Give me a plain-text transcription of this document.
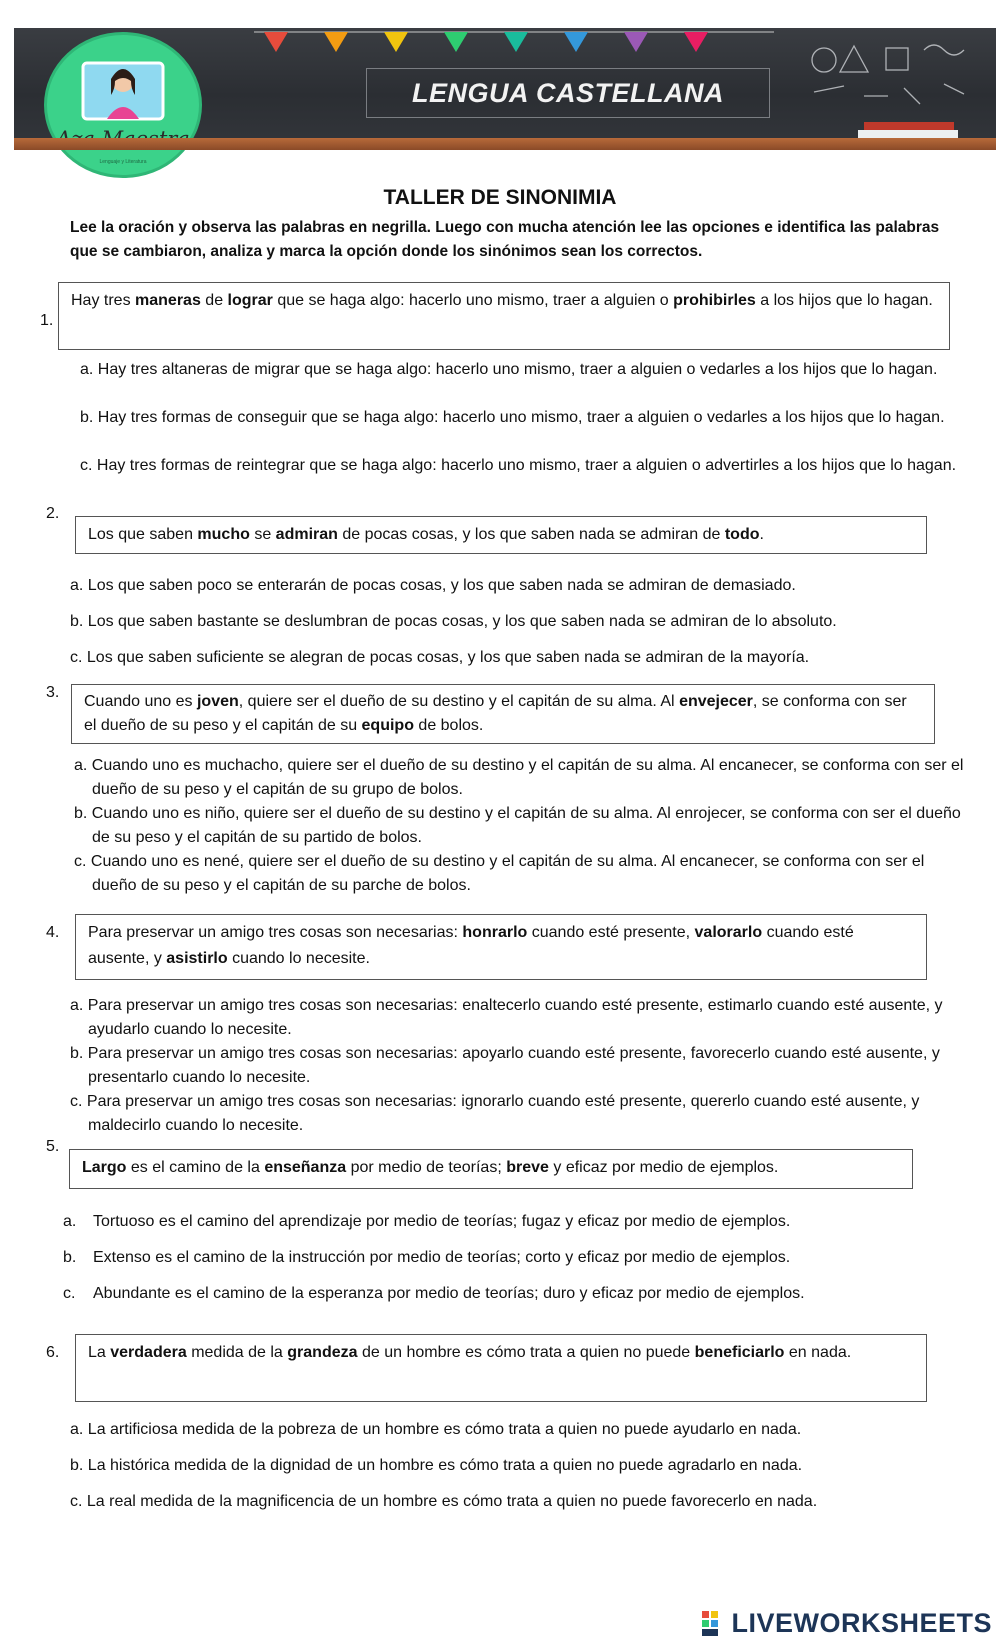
Lenguaje y Literatura
LENGUA CASTELLANA
TALLER DE SINONIMIA
Lee la oración y observa las palabras en negrilla. Luego con mucha atención lee las opciones e identifica las palabras que se cambiaron, analiza y marca la opción donde los sinónimos sean los correctos.
1.
Hay tres maneras de lograr que se haga algo: hacerlo uno mismo, traer a alguien o prohibirles a los hijos que lo hagan.
a. Hay tres altaneras de migrar que se haga algo: hacerlo uno mismo, traer a alguien o vedarles a los hijos que lo hagan.
b. Hay tres formas de conseguir que se haga algo: hacerlo uno mismo, traer a alguien o vedarles a los hijos que lo hagan.
c. Hay tres formas de reintegrar que se haga algo: hacerlo uno mismo, traer a alguien o advertirles a los hijos que lo hagan.
2.
Los que saben mucho se admiran de pocas cosas, y los que saben nada se admiran de todo.
a. Los que saben poco se enterarán de pocas cosas, y los que saben nada se admiran de demasiado.
b. Los que saben bastante se deslumbran de pocas cosas, y los que saben nada se admiran de lo absoluto.
c. Los que saben suficiente se alegran de pocas cosas, y los que saben nada se admiran de la mayoría.
3.
Cuando uno es joven, quiere ser el dueño de su destino y el capitán de su alma. Al envejecer, se conforma con ser el dueño de su peso y el capitán de su equipo de bolos.
a. Cuando uno es muchacho, quiere ser el dueño de su destino y el capitán de su alma. Al encanecer, se conforma con ser el dueño de su peso y el capitán de su grupo de bolos.
b. Cuando uno es niño, quiere ser el dueño de su destino y el capitán de su alma. Al enrojecer, se conforma con ser el dueño de su peso y el capitán de su partido de bolos.
c. Cuando uno es nené, quiere ser el dueño de su destino y el capitán de su alma. Al encanecer, se conforma con ser el dueño de su peso y el capitán de su parche de bolos.
4.	Para preservar un amigo tres cosas son necesarias: honrarlo cuando esté presente, valorarlo cuando esté ausente, y asistirlo cuando lo necesite.
a. Para preservar un amigo tres cosas son necesarias: enaltecerlo cuando esté presente, estimarlo cuando esté ausente, y ayudarlo cuando lo necesite.
b. Para preservar un amigo tres cosas son necesarias: apoyarlo cuando esté presente, favorecerlo cuando esté ausente, y presentarlo cuando lo necesite.
c. Para preservar un amigo tres cosas son necesarias: ignorarlo cuando esté presente, quererlo cuando esté ausente, y maldecirlo cuando lo necesite.
5.
Largo es el camino de la enseñanza por medio de teorías; breve y eficaz por medio de ejemplos.
a. Tortuoso es el camino del aprendizaje por medio de teorías; fugaz y eficaz por medio de ejemplos.
b. Extenso es el camino de la instrucción por medio de teorías; corto y eficaz por medio de ejemplos.
c. Abundante es el camino de la esperanza por medio de teorías; duro y eficaz por medio de ejemplos.
6.	La verdadera medida de la grandeza de un hombre es cómo trata a quien no puede beneficiarlo en nada.
a. La artificiosa medida de la pobreza de un hombre es cómo trata a quien no puede ayudarlo en nada.
b. La histórica medida de la dignidad de un hombre es cómo trata a quien no puede agradarlo en nada.
c. La real medida de la magnificencia de un hombre es cómo trata a quien no puede favorecerlo en nada.
LIVEWORKSHEETS
